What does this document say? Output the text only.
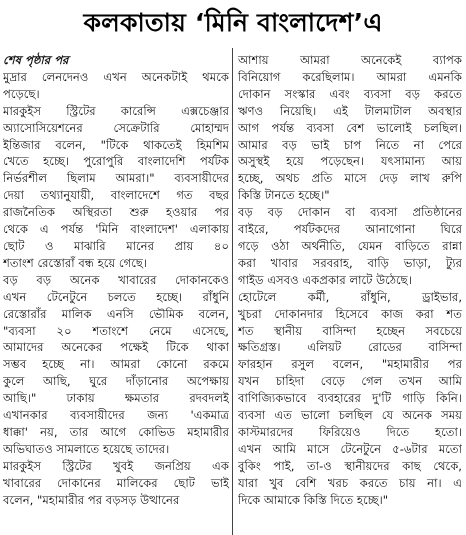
কলকাতায় ‘মিনি বাংলাদেশ’এ
শেষ পৃষ্ঠার পর
মুদ্রার লেনদেনও এখন অনেকটাই থমকে
পড়েছে।
মারকুইস স্ট্রিটের কারেন্সি এক্সচেঞ্জার
অ্যাসোসিয়েশনের সেক্রেটারি মোহাম্মদ
ইন্তিজার বলেন, "টিকে থাকতেই হিমশিম
খেতে হচ্ছে। পুরোপুরি বাংলাদেশি পর্যটক
নির্ভরশীল ছিলাম আমরা।" ব্যবসায়ীদের
দেয়া তথ্যানুযায়ী, বাংলাদেশে গত বছর
রাজনৈতিক অস্থিরতা শুরু হওয়ার পর
থেকে এ পর্যন্ত 'মিনি বাংলাদেশ' এলাকায়
ছোট ও মাঝারি মানের প্রায় ৪০
শতাংশ রেস্তোরাঁ বন্ধ হয়ে গেছে।
বড় বড় অনেক খাবারের দোকানকেও
এখন টেনেটুনে চলতে হচ্ছে। রাঁধুনি
রেস্তোরাঁর মালিক এনসি ভৌমিক বলেন,
"ব্যবসা ২০ শতাংশে নেমে এসেছে,
আমাদের অনেকের পক্ষেই টিকে থাকা
সম্ভব হচ্ছে না। আমরা কোনো রকমে
কুলে আছি, ঘুরে দাঁড়ানোর অপেক্ষায়
আছি।" ঢাকায় ক্ষমতার রদবদলই
এখানকার ব্যবসায়ীদের জন্য 'একমাত্র
ধাক্কা' নয়, তার আগে কোভিড মহামারীর
অভিঘাতও সামলাতে হয়েছে তাদের।
মারকুইস স্ট্রিটের খুবই জনপ্রিয় এক
খাবারের দোকানের মালিকের ছোট ভাই
বলেন, "মহামারীর পর বড়সড় উত্থানের
আশায় আমরা অনেকেই ব্যাপক
বিনিয়োগ করেছিলাম। আমরা এমনকি
দোকান সংস্কার এবং ব্যবসা বড় করতে
ঋণও নিয়েছি। এই টালমাটাল অবস্থার
আগ পর্যন্ত ব্যবসা বেশ ভালোই চলছিল।
আমার বড় ভাই চাপ নিতে না পেরে
অসুস্থই হয়ে পড়েছেন। যৎসামান্য আয়
হচ্ছে, অথচ প্রতি মাসে দেড় লাখ রুপি
কিস্তি টানতে হচ্ছে।"
বড় বড় দোকান বা ব্যবসা প্রতিষ্ঠানের
বাইরে, পর্যটকদের আনাগোনা ঘিরে
গড়ে ওঠা অর্থনীতি, যেমন বাড়িতে রান্না
করা খাবার সরবরাহ, বাড়ি ভাড়া, ট্যুর
গাইড এসবও একপ্রকার লাটে উঠেছে।
হোটেলে কর্মী, রাঁধুনি, ড্রাইভার,
খুচরা দোকানদার হিসেবে কাজ করা শত
শত স্থানীয় বাসিন্দা হচ্ছেন সবচেয়ে
ক্ষতিগ্রস্ত। এলিয়ট রোডের বাসিন্দা
ফারহান রসুল বলেন, "মহামারীর পর
যখন চাহিদা বেড়ে গেল তখন আমি
বাণিজ্যিকভাবে ব্যবহারের দু'টি গাড়ি কিনি।
ব্যবসা এত ভালো চলছিল যে অনেক সময়
কাস্টমারদের ফিরিয়েও দিতে হতো।
এখন আমি মাসে টেনেটুনে ৫-৬টার মতো
বুকিং পাই, তা-ও স্থানীয়দের কাছ থেকে,
যারা খুব বেশি খরচ করতে চায় না। এ
দিকে আমাকে কিস্তি দিতে হচ্ছে।"
